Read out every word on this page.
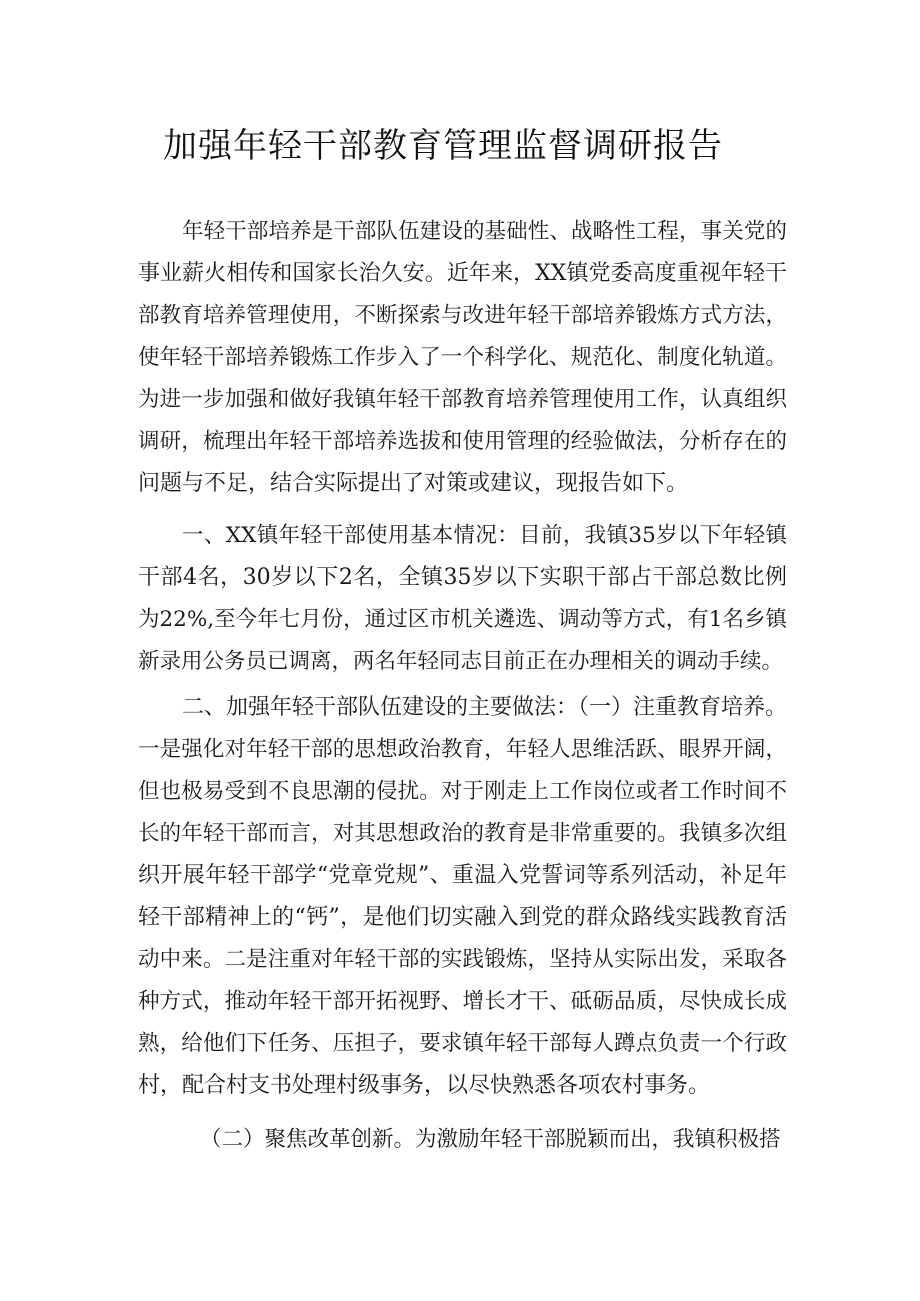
加强年轻干部教育管理监督调研报告
年轻干部培养是干部队伍建设的基础性、战略性工程，事关党的
事业薪火相传和国家长治久安。近年来，XX镇党委高度重视年轻干
部教育培养管理使用，不断探索与改进年轻干部培养锻炼方式方法，
使年轻干部培养锻炼工作步入了一个科学化、规范化、制度化轨道。
为进一步加强和做好我镇年轻干部教育培养管理使用工作，认真组织
调研，梳理出年轻干部培养选拔和使用管理的经验做法，分析存在的
问题与不足，结合实际提出了对策或建议，现报告如下。
一、XX镇年轻干部使用基本情况：目前，我镇35岁以下年轻镇
干部4名，30岁以下2名，全镇35岁以下实职干部占干部总数比例
为22%,至今年七月份，通过区市机关遴选、调动等方式，有1名乡镇
新录用公务员已调离，两名年轻同志目前正在办理相关的调动手续。
二、加强年轻干部队伍建设的主要做法：（一）注重教育培养。
一是强化对年轻干部的思想政治教育，年轻人思维活跃、眼界开阔，
但也极易受到不良思潮的侵扰。对于刚走上工作岗位或者工作时间不
长的年轻干部而言，对其思想政治的教育是非常重要的。我镇多次组
织开展年轻干部学“党章党规”、重温入党誓词等系列活动，补足年
轻干部精神上的“钙”，是他们切实融入到党的群众路线实践教育活
动中来。二是注重对年轻干部的实践锻炼，坚持从实际出发，采取各
种方式，推动年轻干部开拓视野、增长才干、砥砺品质，尽快成长成
熟，给他们下任务、压担子，要求镇年轻干部每人蹲点负责一个行政
村，配合村支书处理村级事务，以尽快熟悉各项农村事务。
（二）聚焦改革创新。为激励年轻干部脱颖而出，我镇积极搭
